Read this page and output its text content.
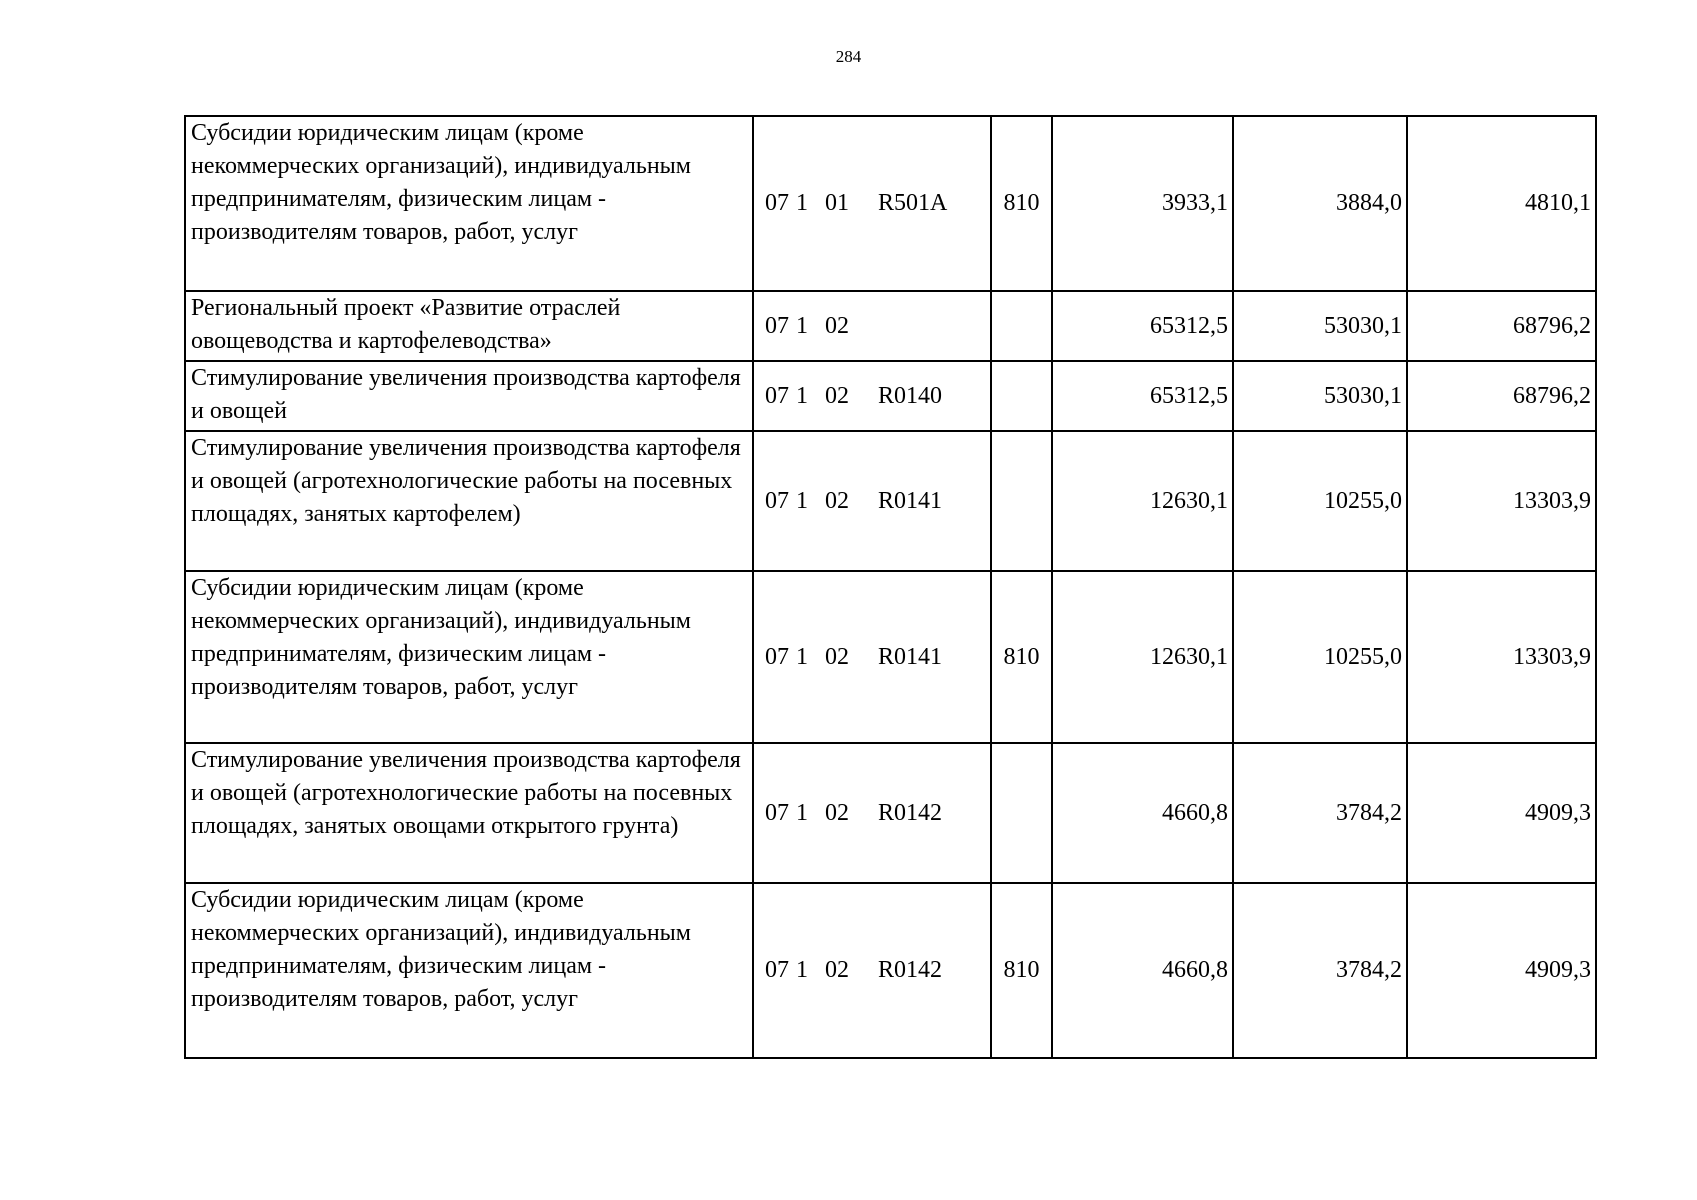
284
Субсидии юридическим лицам (кроме некоммерческих организаций), индивидуальным предпринимателям, физическим лицам - производителям товаров, работ, услуг	07 1 01 R501A	810	3933,1	3884,0	4810,1
Региональный проект «Развитие отраслей овощеводства и картофелеводства»	07 1 02		65312,5	53030,1	68796,2
Стимулирование увеличения производства картофеля и овощей	07 1 02 R0140		65312,5	53030,1	68796,2
Стимулирование увеличения производства картофеля и овощей (агротехнологические работы на посевных площадях, занятых картофелем)	07 1 02 R0141		12630,1	10255,0	13303,9
Субсидии юридическим лицам (кроме некоммерческих организаций), индивидуальным предпринимателям, физическим лицам - производителям товаров, работ, услуг	07 1 02 R0141	810	12630,1	10255,0	13303,9
Стимулирование увеличения производства картофеля и овощей (агротехнологические работы на посевных площадях, занятых овощами открытого грунта)	07 1 02 R0142		4660,8	3784,2	4909,3
Субсидии юридическим лицам (кроме некоммерческих организаций), индивидуальным предпринимателям, физическим лицам - производителям товаров, работ, услуг	07 1 02 R0142	810	4660,8	3784,2	4909,3
